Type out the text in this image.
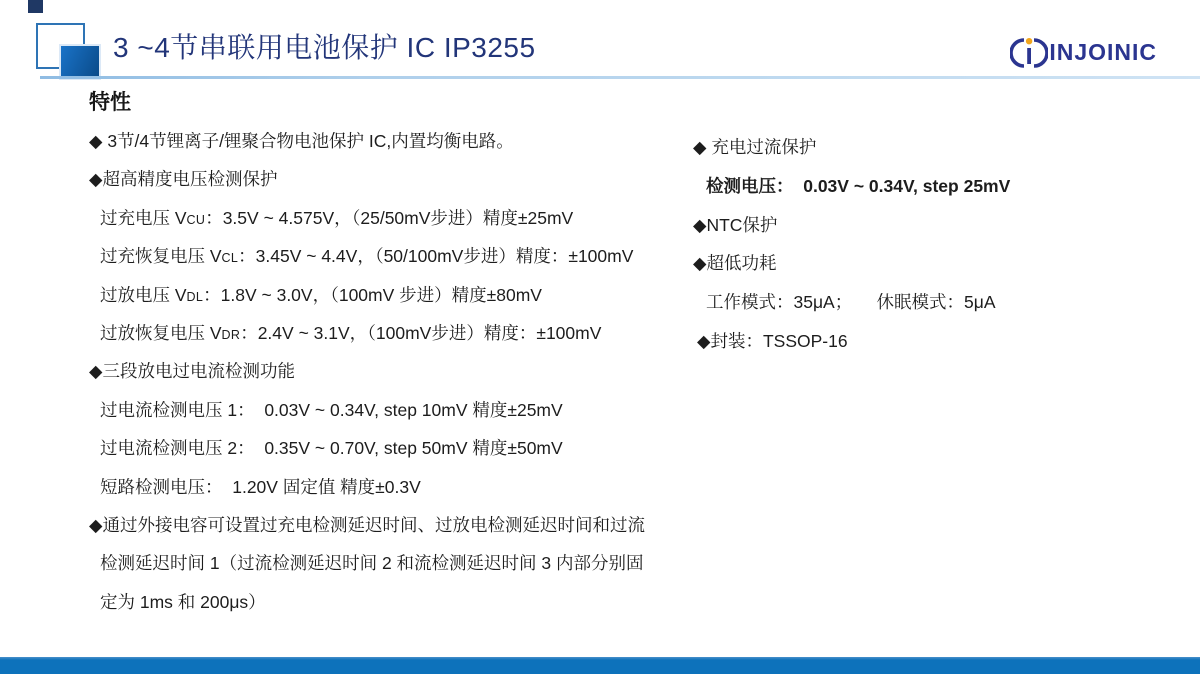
3 ~4节串联用电池保护 IC IP3255	INJOINIC
特性
◆ 3节/4节锂离子/锂聚合物电池保护 IC,内置均衡电路。
◆超高精度电压检测保护
过充电压 VCU：3.5V ~ 4.575V，（25/50mV步进）精度±25mV
过充恢复电压 VCL：3.45V ~ 4.4V，（50/100mV步进）精度：±100mV
过放电压 VDL：1.8V ~ 3.0V，（100mV 步进）精度±80mV
过放恢复电压 VDR：2.4V ~ 3.1V，（100mV步进）精度：±100mV
◆三段放电过电流检测功能
过电流检测电压 1：  0.03V ~ 0.34V, step 10mV 精度±25mV
过电流检测电压 2：  0.35V ~ 0.70V, step 50mV 精度±50mV
短路检测电压：  1.20V 固定值 精度±0.3V
◆通过外接电容可设置过充电检测延迟时间、过放电检测延迟时间和过流
检测延迟时间 1（过流检测延迟时间 2 和流检测延迟时间 3 内部分别固
定为 1ms 和 200μs）
◆ 充电过流保护
检测电压：  0.03V ~ 0.34V, step 25mV
◆NTC保护
◆超低功耗
工作模式：35μA；     休眠模式：5μA
◆封装：TSSOP-16
